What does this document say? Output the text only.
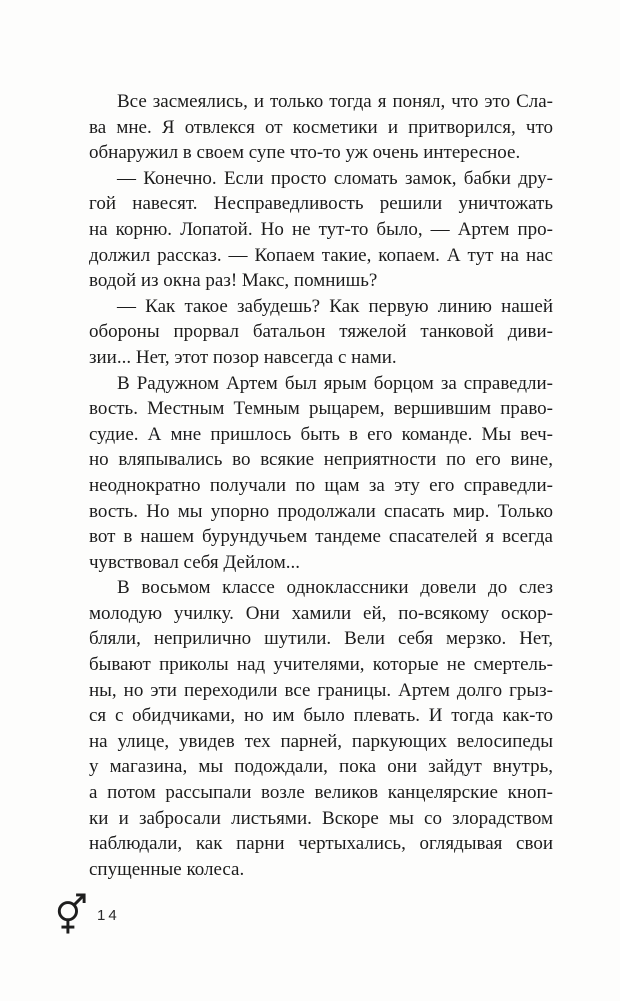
Все засмеялись, и только тогда я понял, что это Сла-
ва мне. Я отвлекся от косметики и притворился, что
обнаружил в своем супе что-то уж очень интересное.

— Конечно. Если просто сломать замок, бабки дру-
гой навесят. Несправедливость решили уничтожать
на корню. Лопатой. Но не тут-то было, — Артем про-
должил рассказ. — Копаем такие, копаем. А тут на нас
водой из окна раз! Макс, помнишь?

— Как такое забудешь? Как первую линию нашей
обороны прорвал батальон тяжелой танковой диви-
зии... Нет, этот позор навсегда с нами.

В Радужном Артем был ярым борцом за справедли-
вость. Местным Темным рыцарем, вершившим право-
судие. А мне пришлось быть в его команде. Мы веч-
но вляпывались во всякие неприятности по его вине,
неоднократно получали по щам за эту его справедли-
вость. Но мы упорно продолжали спасать мир. Только
вот в нашем бурундучьем тандеме спасателей я всегда
чувствовал себя Дейлом...

В восьмом классе одноклассники довели до слез
молодую училку. Они хамили ей, по-всякому оскор-
бляли, неприлично шутили. Вели себя мерзко. Нет,
бывают приколы над учителями, которые не смертель-
ны, но эти переходили все границы. Артем долго грыз-
ся с обидчиками, но им было плевать. И тогда как-то
на улице, увидев тех парней, паркующих велосипеды
у магазина, мы подождали, пока они зайдут внутрь,
а потом рассыпали возле великов канцелярские кноп-
ки и забросали листьями. Вскоре мы со злорадством
наблюдали, как парни чертыхались, оглядывая свои
спущенные колеса.

14
